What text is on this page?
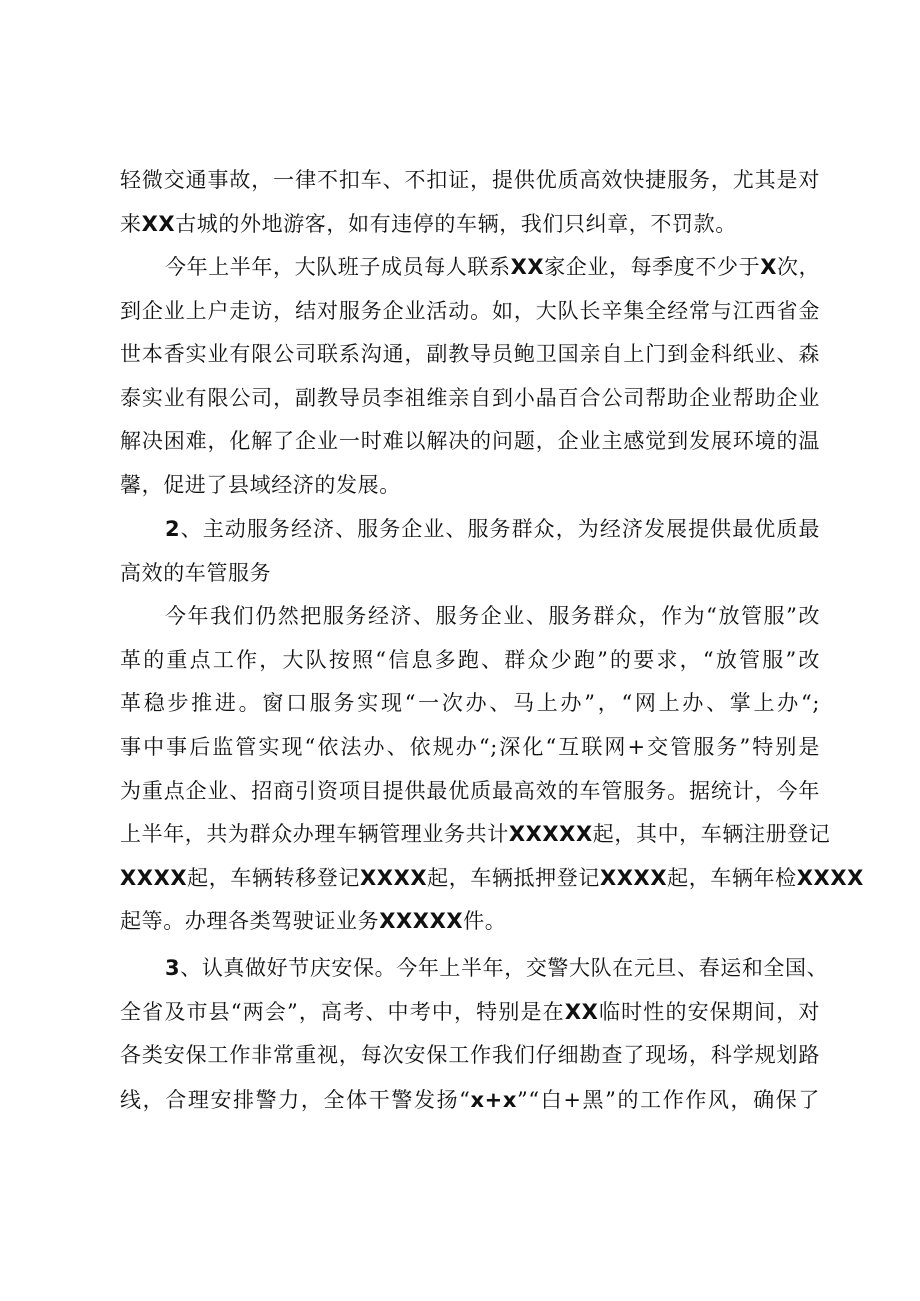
轻微交通事故，一律不扣车、不扣证，提供优质高效快捷服务，尤其是对
来XX古城的外地游客，如有违停的车辆，我们只纠章，不罚款。
今年上半年，大队班子成员每人联系XX家企业，每季度不少于X次，
到企业上户走访，结对服务企业活动。如，大队长辛集全经常与江西省金
世本香实业有限公司联系沟通，副教导员鲍卫国亲自上门到金科纸业、森
泰实业有限公司，副教导员李祖维亲自到小晶百合公司帮助企业帮助企业
解决困难，化解了企业一时难以解决的问题，企业主感觉到发展环境的温
馨，促进了县域经济的发展。
2、主动服务经济、服务企业、服务群众，为经济发展提供最优质最
高效的车管服务
今年我们仍然把服务经济、服务企业、服务群众，作为“放管服”改
革的重点工作，大队按照“信息多跑、群众少跑”的要求，“放管服”改
革稳步推进。窗口服务实现“一次办、马上办”，“网上办、掌上办“;
事中事后监管实现“依法办、依规办“;深化“互联网+交管服务”特别是
为重点企业、招商引资项目提供最优质最高效的车管服务。据统计，今年
上半年，共为群众办理车辆管理业务共计XXXXX起，其中，车辆注册登记
XXXX起，车辆转移登记XXXX起，车辆抵押登记XXXX起，车辆年检XXXX
起等。办理各类驾驶证业务XXXXX件。
3、认真做好节庆安保。今年上半年，交警大队在元旦、春运和全国、
全省及市县“两会”，高考、中考中，特别是在XX临时性的安保期间，对
各类安保工作非常重视，每次安保工作我们仔细勘查了现场，科学规划路
线，合理安排警力，全体干警发扬“x+x”“白+黑”的工作作风，确保了
